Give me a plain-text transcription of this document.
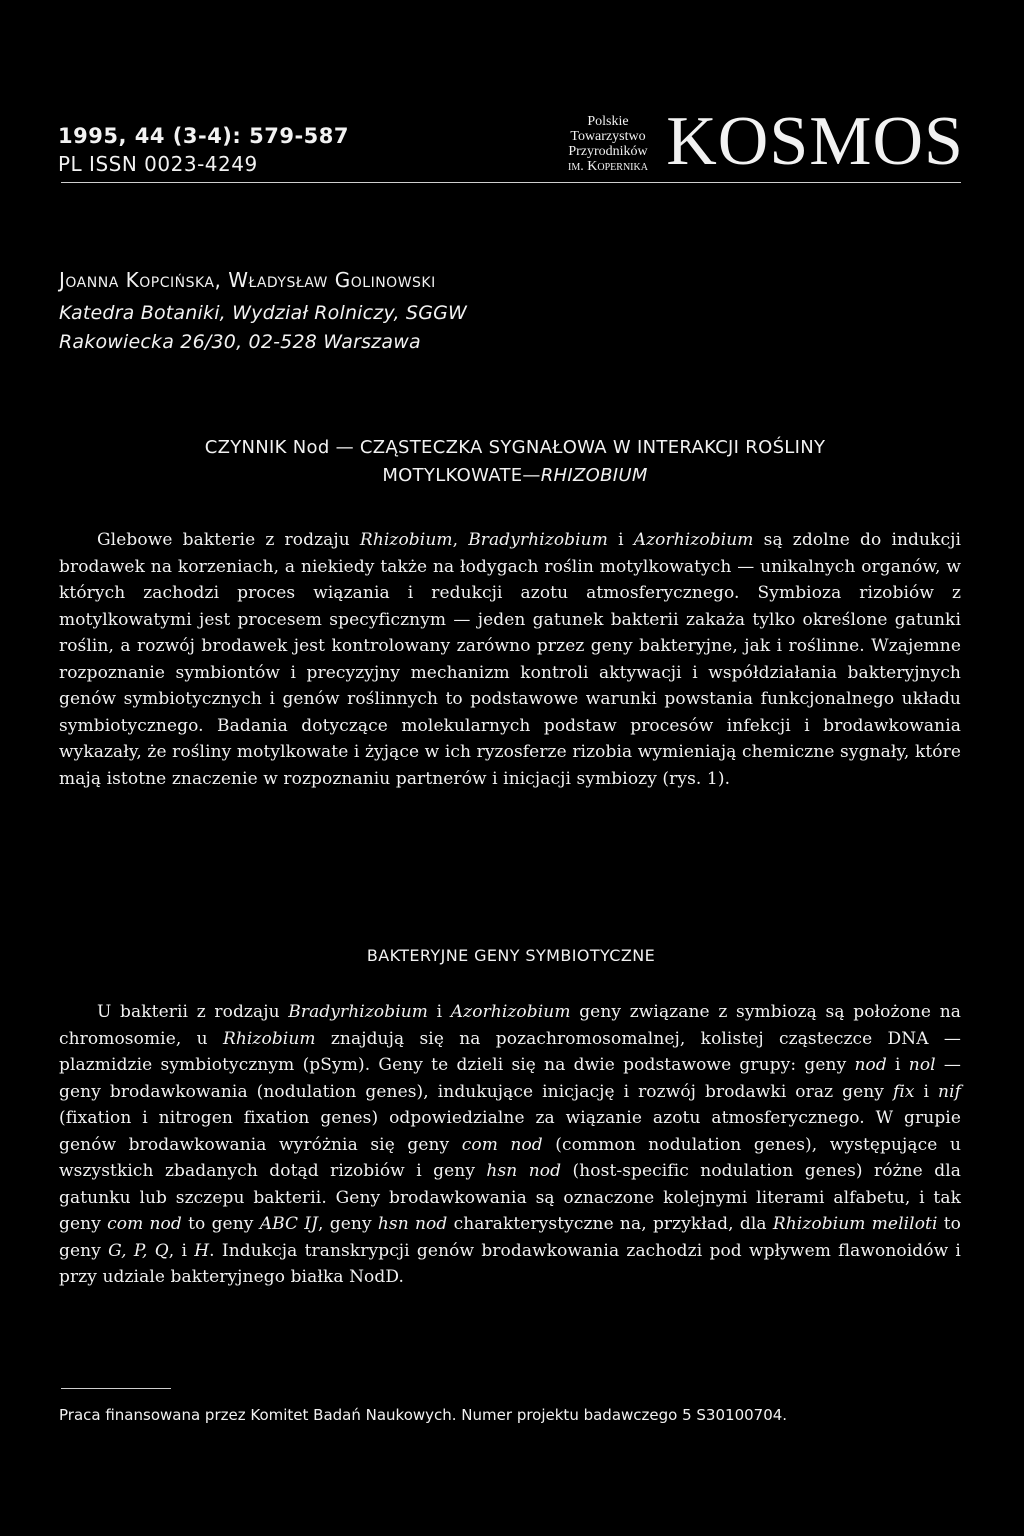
1995, 44 (3-4): 579-587
PL ISSN 0023-4249
Polskie
Towarzystwo
Przyrodników
im. Kopernika KOSMOS
Joanna Kopcińska, Władysław Golinowski
Katedra Botaniki, Wydział Rolniczy, SGGW
Rakowiecka 26/30, 02-528 Warszawa
CZYNNIK Nod — CZĄSTECZKA SYGNAŁOWA W INTERAKCJI ROŚLINY
MOTYLKOWATE—RHIZOBIUM
Glebowe bakterie z rodzaju Rhizobium, Bradyrhizobium i Azorhizobium są zdolne do indukcji brodawek na korzeniach, a niekiedy także na łodygach roślin motylkowatych — unikalnych organów, w których zachodzi proces wiązania i redukcji azotu atmosferycznego. Symbioza rizobiów z motylkowatymi jest procesem specyficznym — jeden gatunek bakterii zakaża tylko określone gatunki roślin, a rozwój brodawek jest kontrolowany zarówno przez geny bakteryjne, jak i roślinne. Wzajemne rozpoznanie symbiontów i precyzyjny mechanizm kontroli aktywacji i współdziałania bakteryjnych genów symbiotycznych i genów roślinnych to podstawowe warunki powstania funkcjonalnego układu symbiotycznego. Badania dotyczące molekularnych podstaw procesów infekcji i brodawkowania wykazały, że rośliny motylkowate i żyjące w ich ryzosferze rizobia wymieniają chemiczne sygnały, które mają istotne znaczenie w rozpoznaniu partnerów i inicjacji symbiozy (rys. 1).
BAKTERYJNE GENY SYMBIOTYCZNE
U bakterii z rodzaju Bradyrhizobium i Azorhizobium geny związane z symbiozą są położone na chromosomie, u Rhizobium znajdują się na pozachromosomalnej, kolistej cząsteczce DNA — plazmidzie symbiotycznym (pSym). Geny te dzieli się na dwie podstawowe grupy: geny nod i nol — geny brodawkowania (nodulation genes), indukujące inicjację i rozwój brodawki oraz geny fix i nif (fixation i nitrogen fixation genes) odpowiedzialne za wiązanie azotu atmosferycznego. W grupie genów brodawkowania wyróżnia się geny com nod (common nodulation genes), występujące u wszystkich zbadanych dotąd rizobiów i geny hsn nod (host-specific nodulation genes) różne dla gatunku lub szczepu bakterii. Geny brodawkowania są oznaczone kolejnymi literami alfabetu, i tak geny com nod to geny ABC IJ, geny hsn nod charakterystyczne na, przykład, dla Rhizobium meliloti to geny G, P, Q, i H. Indukcja transkrypcji genów brodawkowania zachodzi pod wpływem flawonoidów i przy udziale bakteryjnego białka NodD.
Praca finansowana przez Komitet Badań Naukowych. Numer projektu badawczego 5 S30100704.
